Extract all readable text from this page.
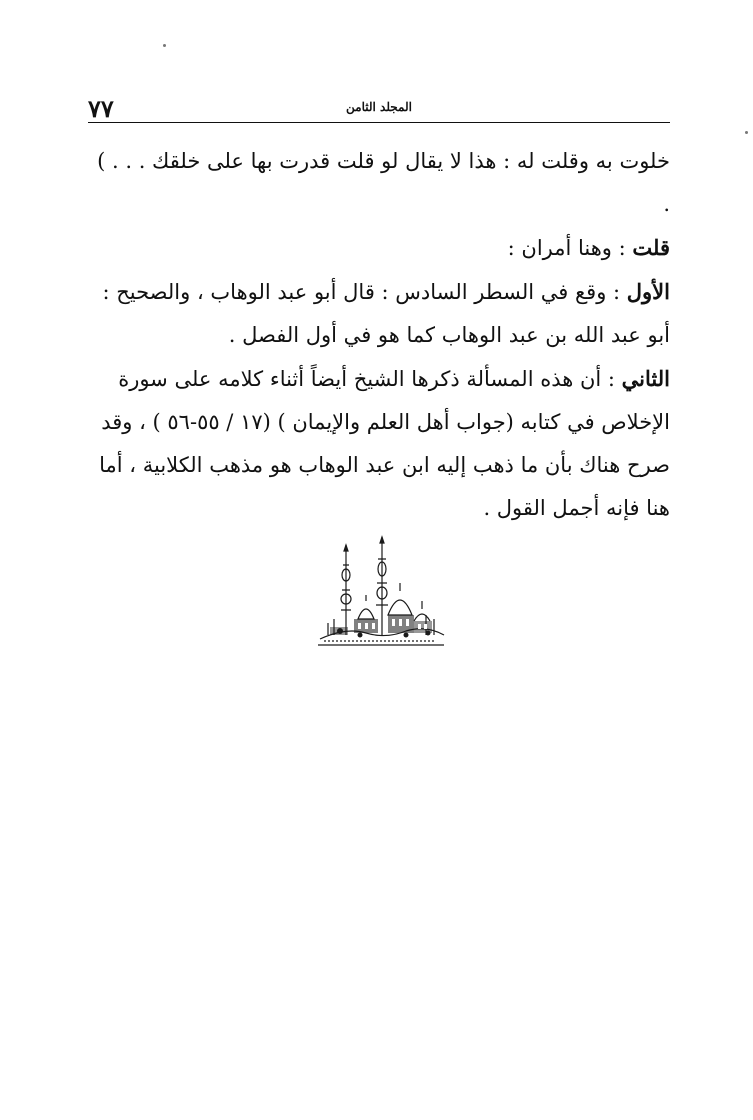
٧٧	المجلد الثامن

خلوت به وقلت له : هذا لا يقال لو قلت قدرت بها على خلقك . . . ) .

قلت : وهنا أمران :

الأول : وقع في السطر السادس : قال أبو عبد الوهاب ، والصحيح : أبو عبد الله بن عبد الوهاب كما هو في أول الفصل .

الثاني : أن هذه المسألة ذكرها الشيخ أيضاً أثناء كلامه على سورة الإخلاص في كتابه (جواب أهل العلم والإيمان ) (١٧ / ٥٥-٥٦ ) ، وقد صرح هناك بأن ما ذهب إليه ابن عبد الوهاب هو مذهب الكلابية ، أما هنا فإنه أجمل القول .
